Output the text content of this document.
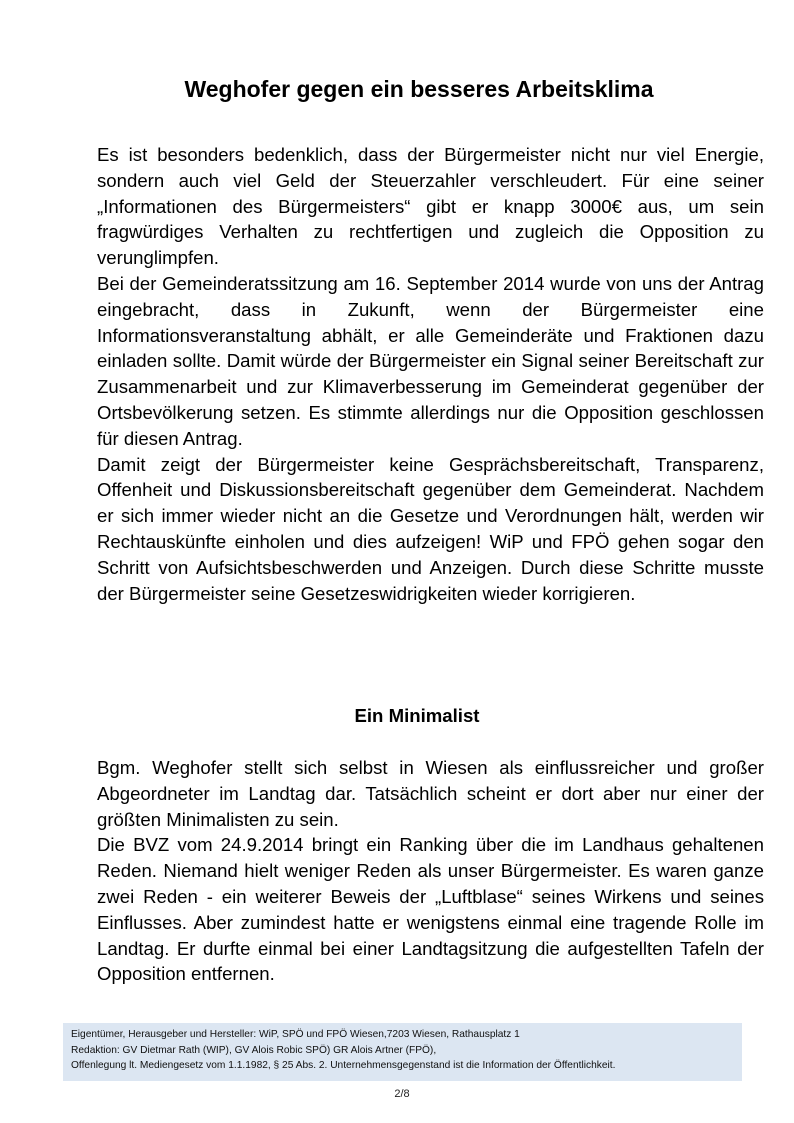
Weghofer gegen ein besseres Arbeitsklima

Es ist besonders bedenklich, dass der Bürgermeister nicht nur viel Energie, sondern auch viel Geld der Steuerzahler verschleudert. Für eine seiner „Informationen des Bürgermeisters“ gibt er knapp 3000€ aus, um sein fragwürdiges Verhalten zu rechtfertigen und zugleich die Opposition zu verunglimpfen.

Bei der Gemeinderatssitzung am 16. September 2014 wurde von uns der Antrag eingebracht, dass in Zukunft, wenn der Bürgermeister eine Informationsveranstaltung abhält, er alle Gemeinderäte und Fraktionen dazu einladen sollte. Damit würde der Bürgermeister ein Signal seiner Bereitschaft zur Zusammenarbeit und zur Klimaverbesserung im Gemeinderat gegenüber der Ortsbevölkerung setzen. Es stimmte allerdings nur die Opposition geschlossen für diesen Antrag.

Damit zeigt der Bürgermeister keine Gesprächsbereitschaft, Transparenz, Offenheit und Diskussionsbereitschaft gegenüber dem Gemeinderat. Nachdem er sich immer wieder nicht an die Gesetze und Verordnungen hält, werden wir Rechtauskünfte einholen und dies aufzeigen! WiP und FPÖ gehen sogar den Schritt von Aufsichtsbeschwerden und Anzeigen. Durch diese Schritte musste der Bürgermeister seine Gesetzeswidrigkeiten wieder korrigieren.

Ein Minimalist

Bgm. Weghofer stellt sich selbst in Wiesen als einflussreicher und großer Abgeordneter im Landtag dar. Tatsächlich scheint er dort aber nur einer der größten Minimalisten zu sein.

Die BVZ vom 24.9.2014 bringt ein Ranking über die im Landhaus gehaltenen Reden. Niemand hielt weniger Reden als unser Bürgermeister. Es waren ganze zwei Reden - ein weiterer Beweis der „Luftblase“ seines Wirkens und seines Einflusses. Aber zumindest hatte er wenigstens einmal eine tragende Rolle im Landtag. Er durfte einmal bei einer Landtagsitzung die aufgestellten Tafeln der Opposition entfernen.

Eigentümer, Herausgeber und Hersteller: WiP, SPÖ und FPÖ Wiesen,7203 Wiesen, Rathausplatz 1
Redaktion: GV Dietmar Rath (WIP), GV Alois Robic SPÖ) GR Alois Artner (FPÖ),
Offenlegung lt. Mediengesetz vom 1.1.1982, § 25 Abs. 2. Unternehmensgegenstand ist die Information der Öffentlichkeit.
2/8
